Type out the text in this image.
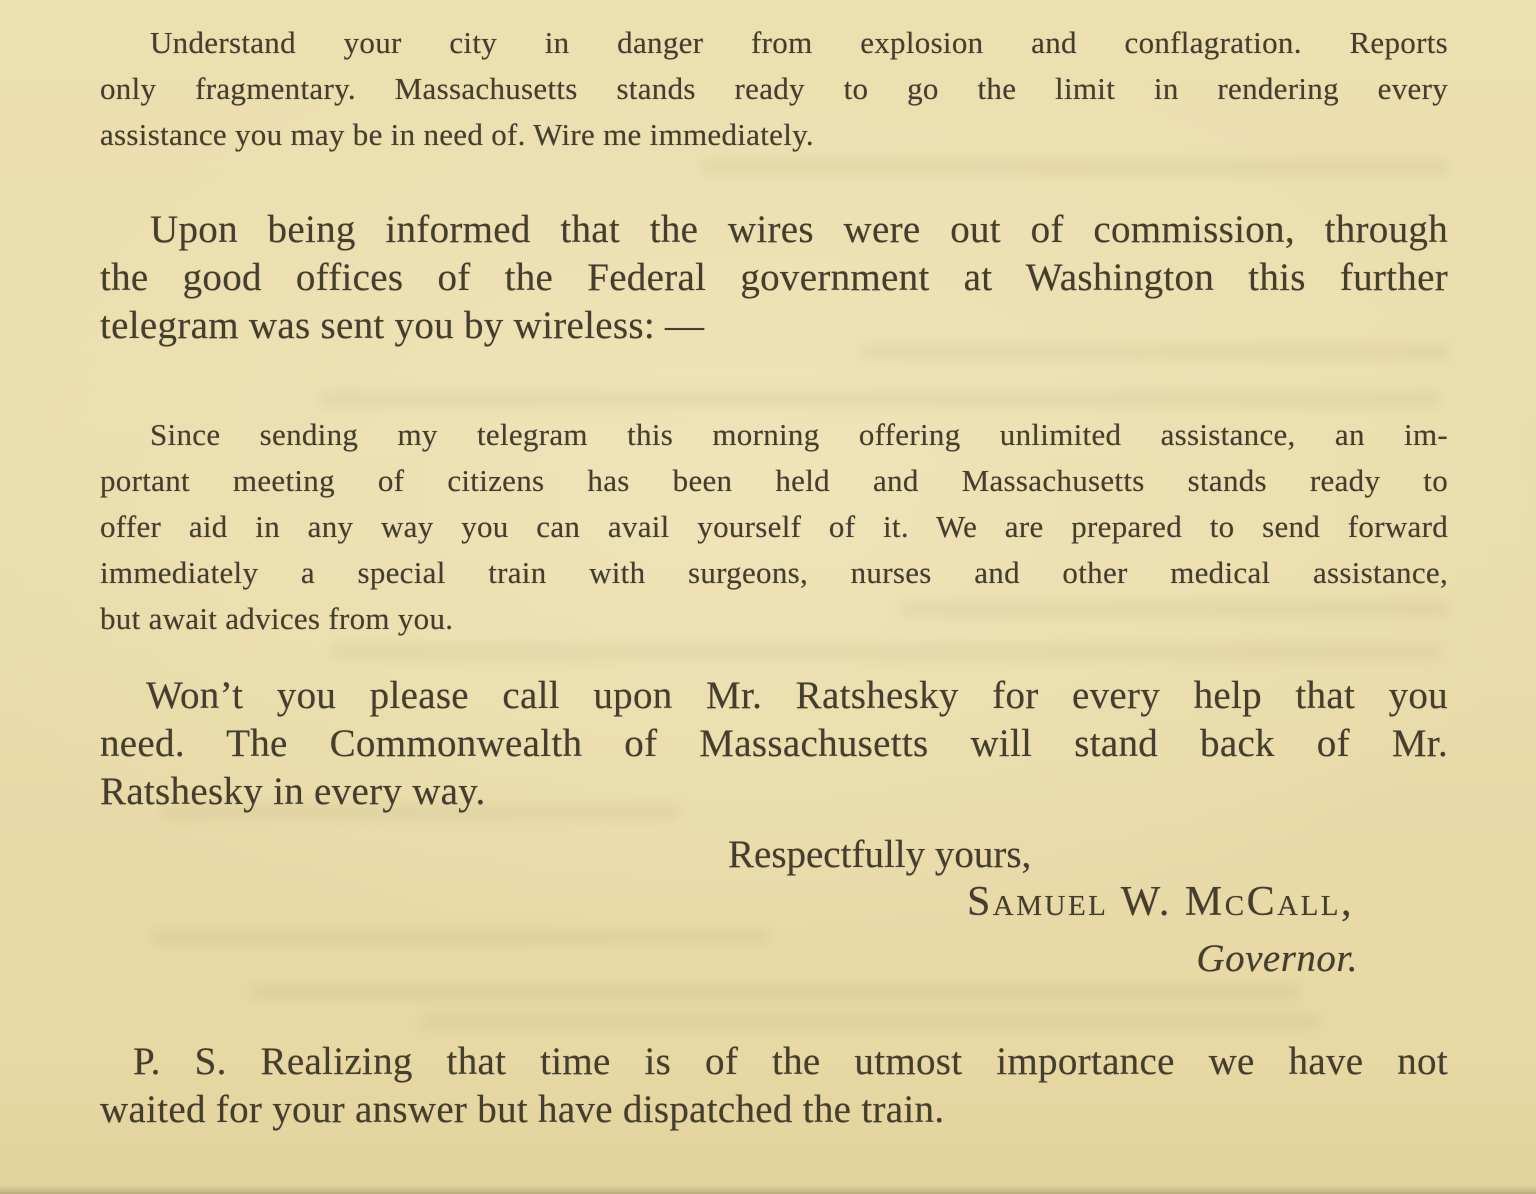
Understand your city in danger from explosion and conflagration. Reports
only fragmentary. Massachusetts stands ready to go the limit in rendering every
assistance you may be in need of. Wire me immediately.
Upon being informed that the wires were out of commission, through
the good offices of the Federal government at Washington this further
telegram was sent you by wireless: —
Since sending my telegram this morning offering unlimited assistance, an im-
portant meeting of citizens has been held and Massachusetts stands ready to
offer aid in any way you can avail yourself of it. We are prepared to send forward
immediately a special train with surgeons, nurses and other medical assistance,
but await advices from you.
Won’t you please call upon Mr. Ratshesky for every help that you
need. The Commonwealth of Massachusetts will stand back of Mr.
Ratshesky in every way.
Respectfully yours,
Samuel W. McCall,
Governor.
P. S. Realizing that time is of the utmost importance we have not
waited for your answer but have dispatched the train.
